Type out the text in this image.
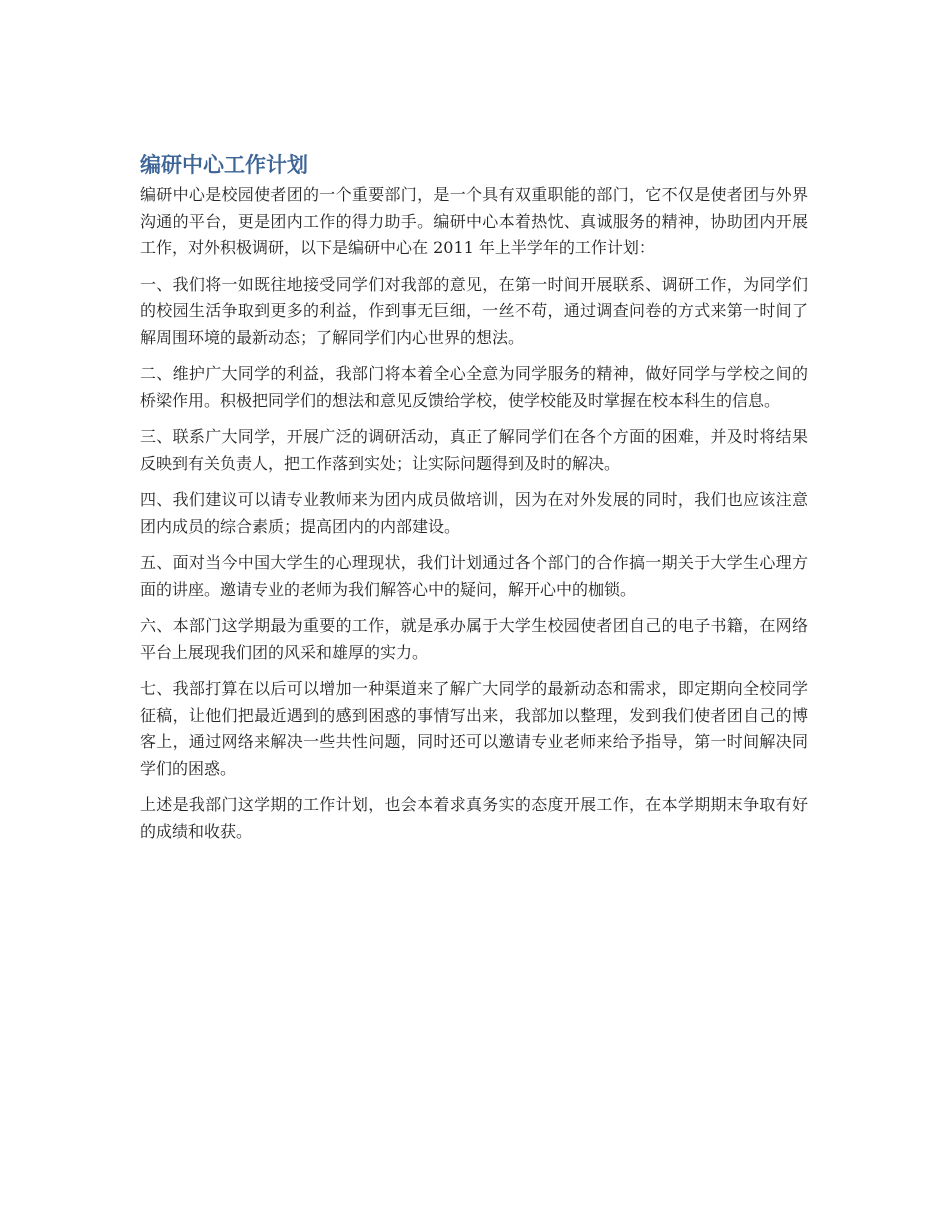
编研中心工作计划

编研中心是校园使者团的一个重要部门，是一个具有双重职能的部门，它不仅是使者团与外界沟通的平台，更是团内工作的得力助手。编研中心本着热忱、真诚服务的精神，协助团内开展工作，对外积极调研，以下是编研中心在 2011 年上半学年的工作计划：

一、我们将一如既往地接受同学们对我部的意见，在第一时间开展联系、调研工作，为同学们的校园生活争取到更多的利益，作到事无巨细，一丝不苟，通过调查问卷的方式来第一时间了解周围环境的最新动态；了解同学们内心世界的想法。

二、维护广大同学的利益，我部门将本着全心全意为同学服务的精神，做好同学与学校之间的桥梁作用。积极把同学们的想法和意见反馈给学校，使学校能及时掌握在校本科生的信息。

三、联系广大同学，开展广泛的调研活动，真正了解同学们在各个方面的困难，并及时将结果反映到有关负责人，把工作落到实处；让实际问题得到及时的解决。

四、我们建议可以请专业教师来为团内成员做培训，因为在对外发展的同时，我们也应该注意团内成员的综合素质；提高团内的内部建设。

五、面对当今中国大学生的心理现状，我们计划通过各个部门的合作搞一期关于大学生心理方面的讲座。邀请专业的老师为我们解答心中的疑问，解开心中的枷锁。

六、本部门这学期最为重要的工作，就是承办属于大学生校园使者团自己的电子书籍，在网络平台上展现我们团的风采和雄厚的实力。

七、我部打算在以后可以增加一种渠道来了解广大同学的最新动态和需求，即定期向全校同学征稿，让他们把最近遇到的感到困惑的事情写出来，我部加以整理，发到我们使者团自己的博客上，通过网络来解决一些共性问题，同时还可以邀请专业老师来给予指导，第一时间解决同学们的困惑。

上述是我部门这学期的工作计划，也会本着求真务实的态度开展工作，在本学期期末争取有好的成绩和收获。
